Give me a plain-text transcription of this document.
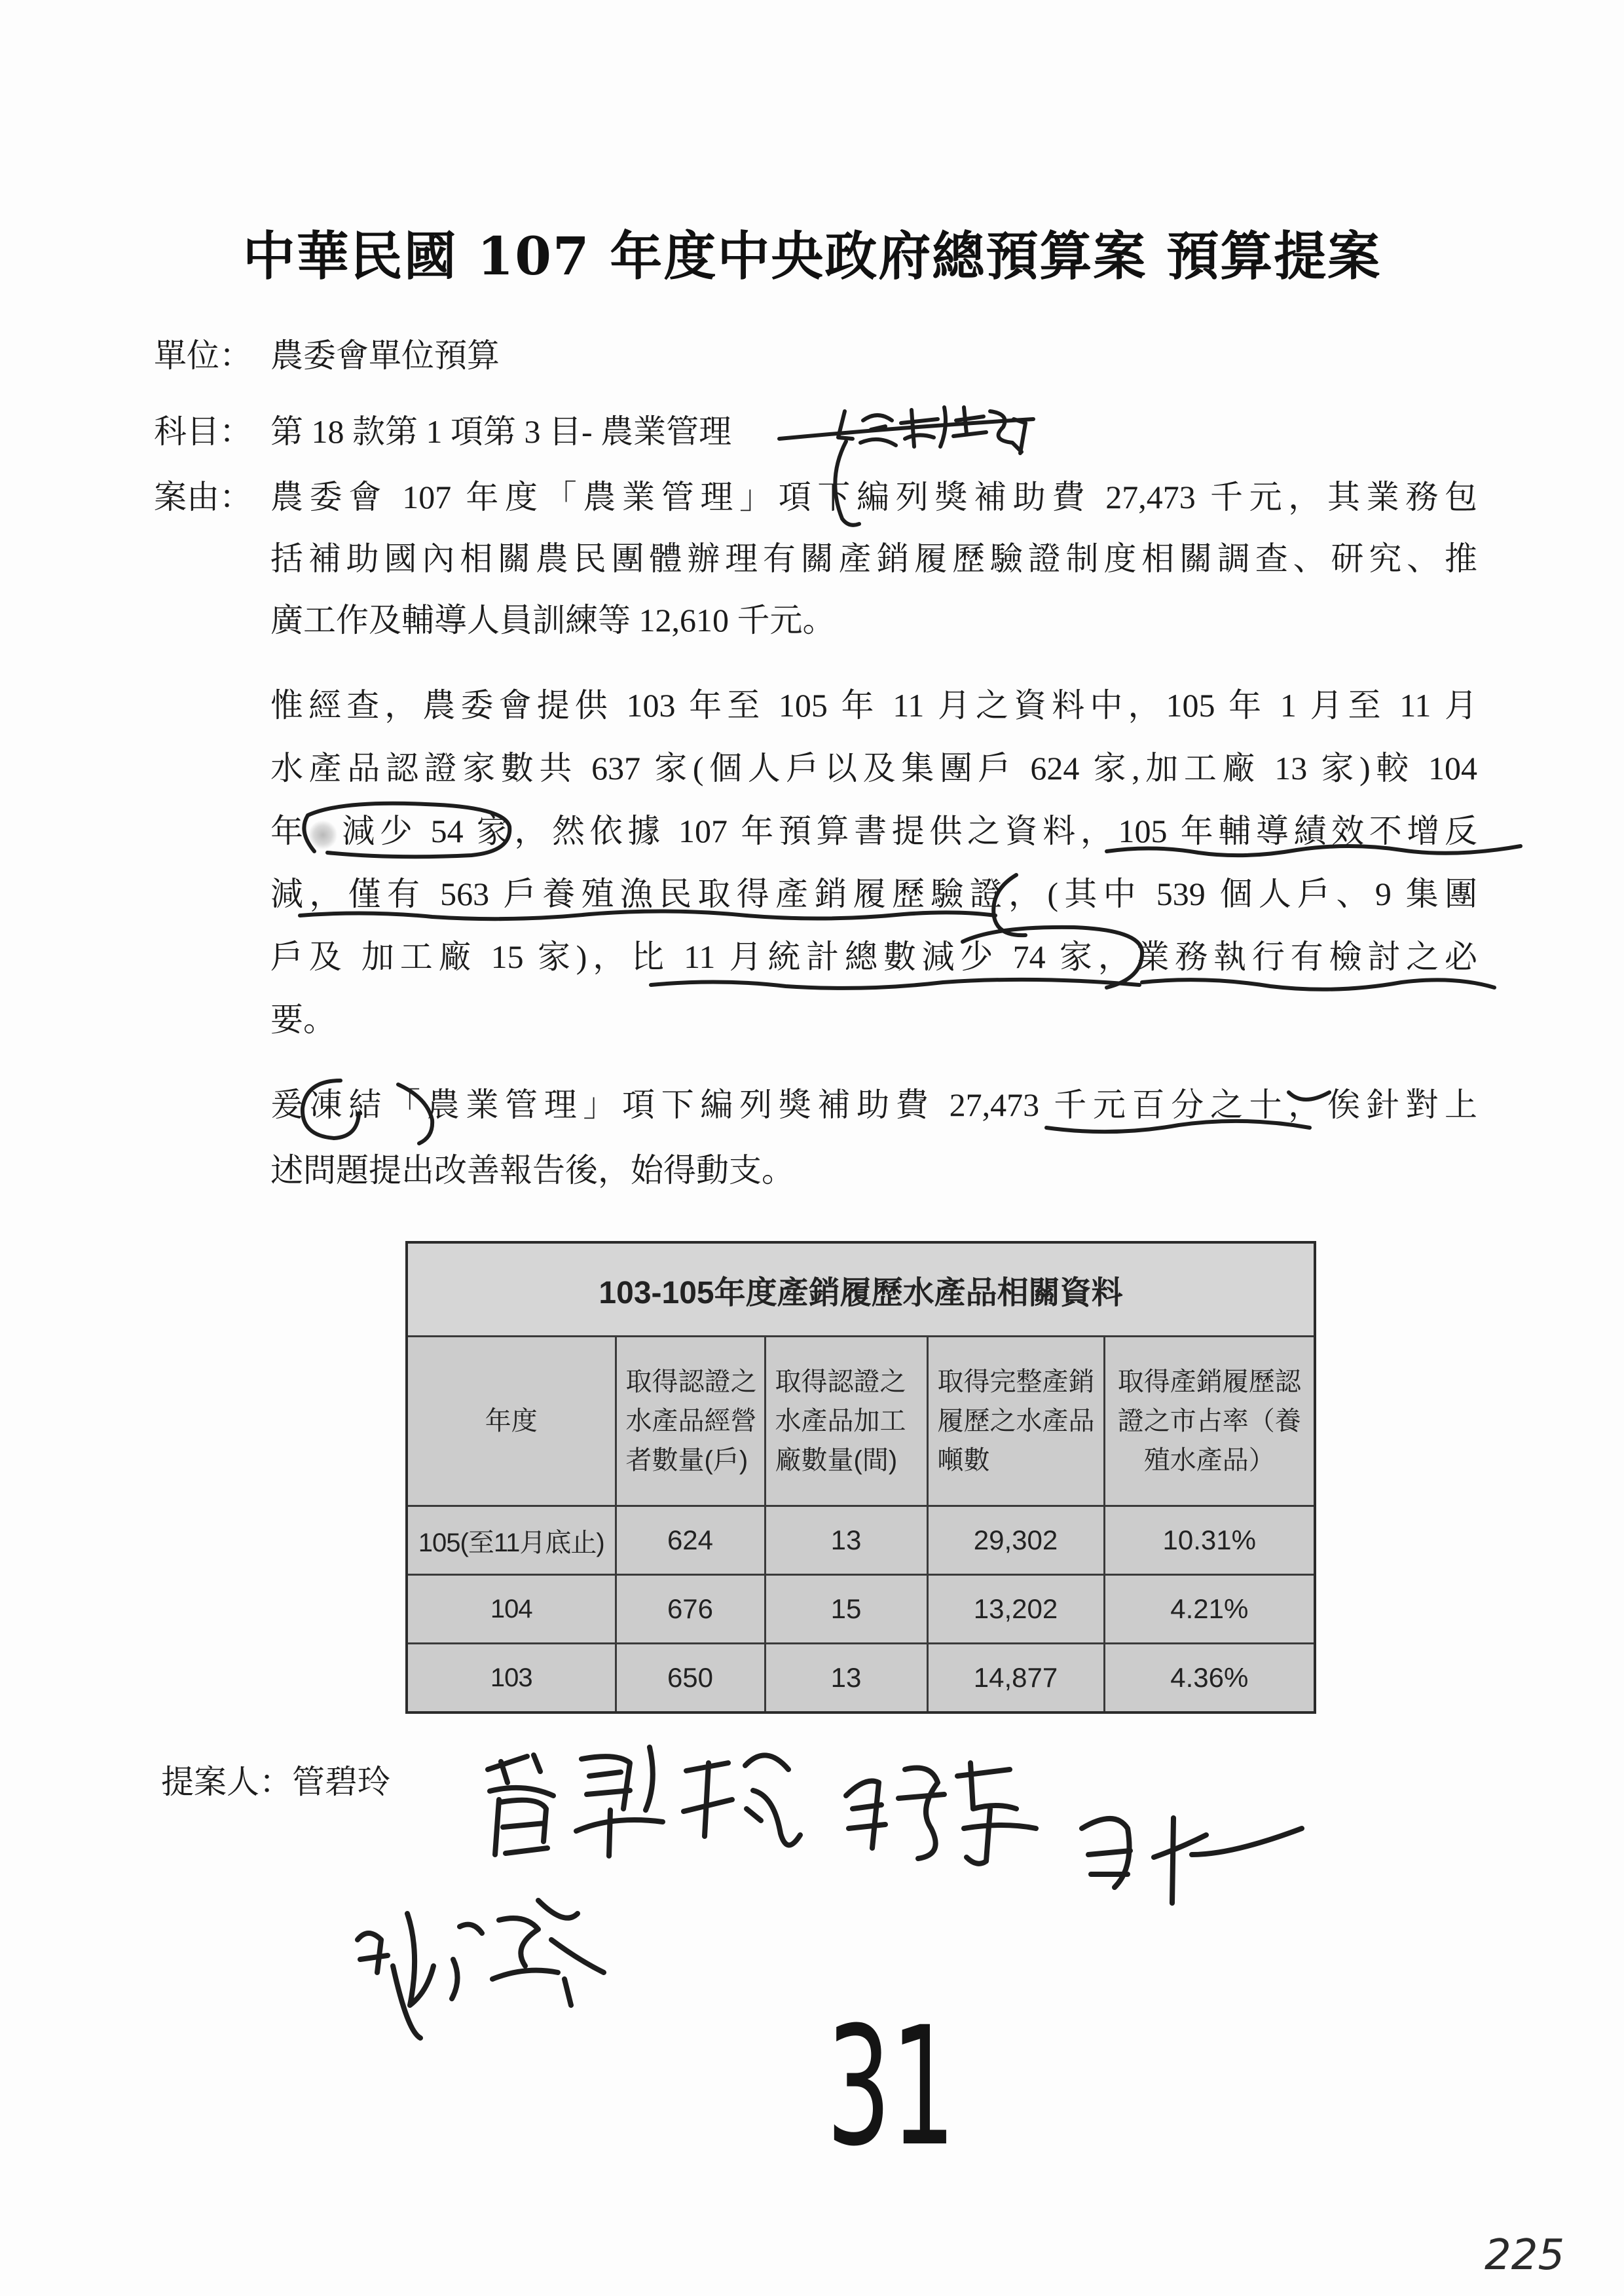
中華民國 107 年度中央政府總預算案 預算提案
單位： 農委會單位預算
科目： 第 18 款第 1 項第 3 目- 農業管理
案由： 農委會 107 年度「農業管理」項下編列獎補助費 27,473 千元，其業務包
括補助國內相關農民團體辦理有關產銷履歷驗證制度相關調查、研究、推
廣工作及輔導人員訓練等 12,610 千元。
惟經查，農委會提供 103 年至 105 年 11 月之資料中，105 年 1 月至 11 月
水產品認證家數共 637 家(個人戶以及集團戶 624 家,加工廠 13 家)較 104
年 減少 54 家，然依據 107 年預算書提供之資料，105 年輔導績效不增反
減，僅有 563 戶養殖漁民取得產銷履歷驗證，(其中 539 個人戶、9 集團
戶及 加工廠 15 家)，比 11 月統計總數減少 74 家，業務執行有檢討之必
要。
爰凍結「農業管理」項下編列獎補助費 27,473 千元百分之十，俟針對上
述問題提出改善報告後，始得動支。
103-105年度產銷履歷水產品相關資料				

年度	取得認證之
水產品經營
者數量(戶)	取得認證之
水產品加工
廠數量(間)	取得完整產銷
履歷之水產品
噸數	取得產銷履歷認
證之市占率（養
殖水產品）

105(至11月底止)	624	13	29,302	10.31%
104	676	15	13,202	4.21%
103	650	13	14,877	4.36%
提案人：管碧玲
31
225
